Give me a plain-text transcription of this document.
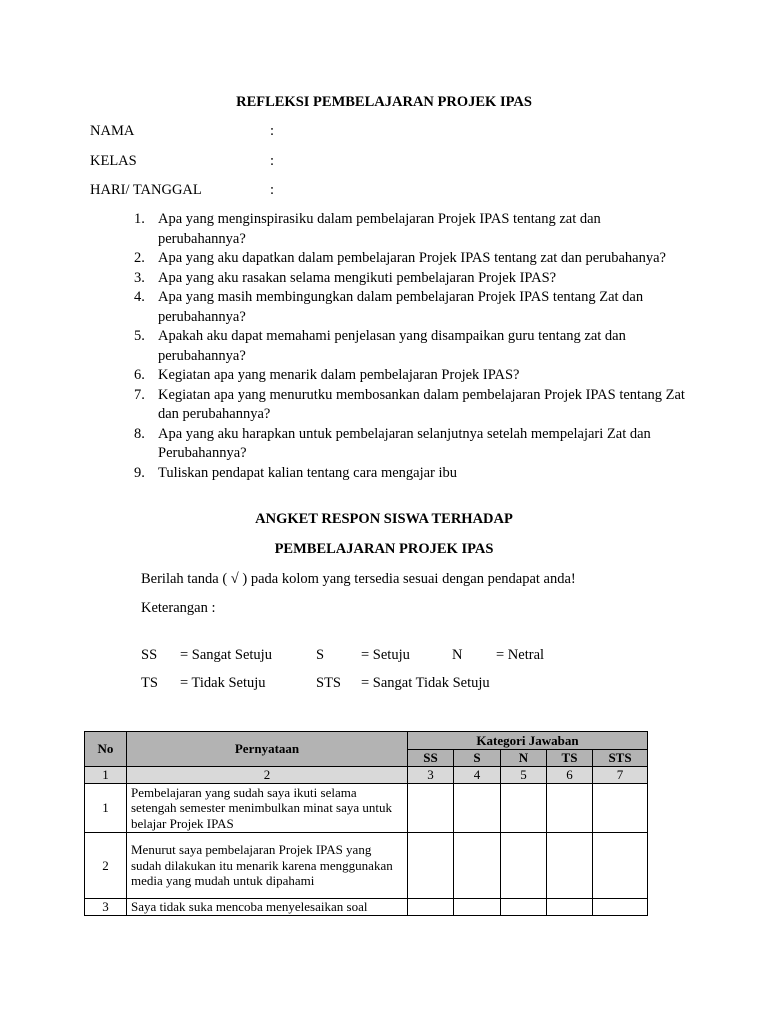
REFLEKSI PEMBELAJARAN PROJEK IPAS
NAMA	:
KELAS	:
HARI/ TANGGAL	:
1. Apa yang menginspirasiku dalam pembelajaran Projek IPAS tentang zat dan perubahannya?
2. Apa yang aku dapatkan dalam pembelajaran Projek IPAS tentang zat dan perubahanya?
3. Apa yang aku rasakan selama mengikuti pembelajaran Projek IPAS?
4. Apa yang masih membingungkan dalam pembelajaran Projek IPAS tentang Zat dan perubahannya?
5. Apakah aku dapat memahami penjelasan yang disampaikan guru tentang zat dan perubahannya?
6. Kegiatan apa yang menarik dalam pembelajaran Projek IPAS?
7. Kegiatan apa yang menurutku membosankan dalam pembelajaran Projek IPAS tentang Zat dan perubahannya?
8. Apa yang aku harapkan untuk pembelajaran selanjutnya setelah mempelajari Zat dan Perubahannya?
9. Tuliskan pendapat kalian tentang cara mengajar ibu
ANGKET RESPON SISWA TERHADAP
PEMBELAJARAN PROJEK IPAS
Berilah tanda ( √ ) pada kolom yang tersedia sesuai dengan pendapat anda!
Keterangan :
SS = Sangat Setuju	S	= Setuju	N = Netral
TS = Tidak Setuju	STS = Sangat Tidak Setuju
No	Pernyataan	Kategori Jawaban				
		SS	S	N	TS	STS
1	2	3	4	5	6	7
1	Pembelajaran yang sudah saya ikuti selama setengah semester menimbulkan minat saya untuk belajar Projek IPAS					
2	Menurut saya pembelajaran Projek IPAS yang sudah dilakukan itu menarik karena menggunakan media yang mudah untuk dipahami					
3	Saya tidak suka mencoba menyelesaikan soal					
